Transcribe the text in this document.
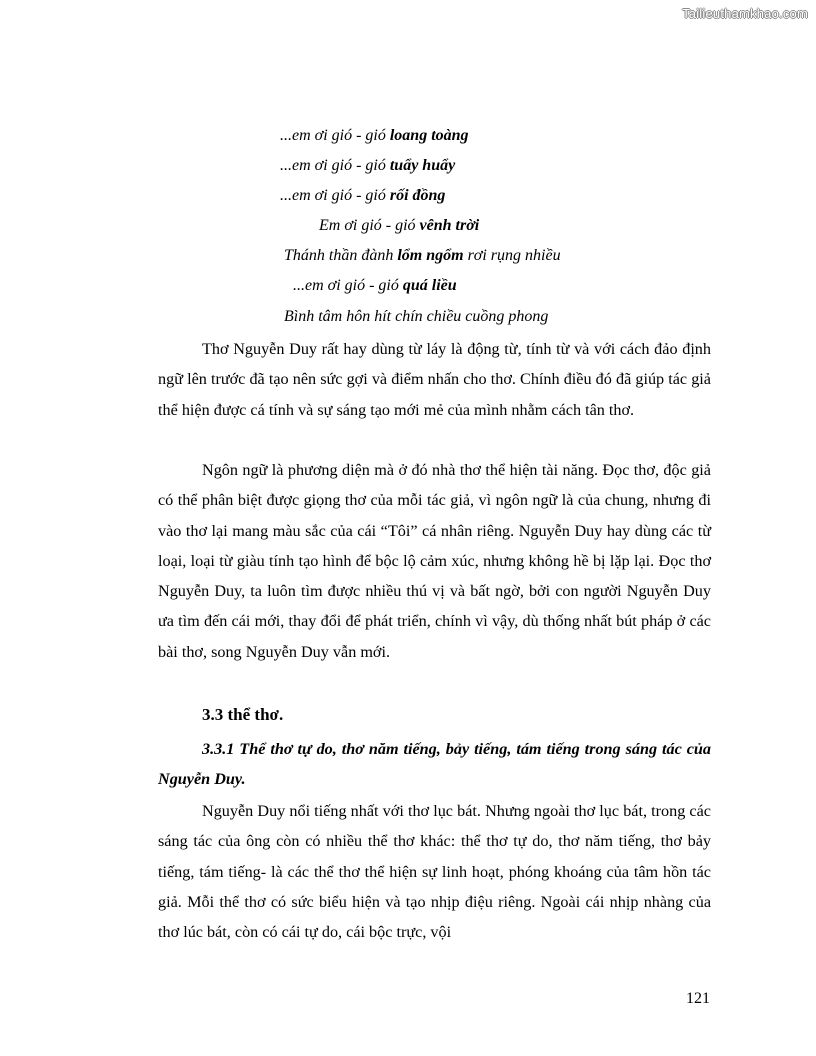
Tailieuthamkhao.com
...em ơi gió - gió loang toàng
...em ơi gió - gió tuẩy huẩy
...em ơi gió - gió rối đồng
Em ơi gió - gió vênh trời
Thánh thần đành lổm ngổm rơi rụng nhiều
...em ơi gió - gió quá liều
Bình tâm hôn hít chín chiều cuồng phong

Thơ Nguyễn Duy rất hay dùng từ láy là động từ, tính từ và với cách đảo định ngữ lên trước đã tạo nên sức gợi và điểm nhấn cho thơ. Chính điều đó đã giúp tác giả thể hiện được cá tính và sự sáng tạo mới mẻ của mình nhằm cách tân thơ.

Ngôn ngữ là phương diện mà ở đó nhà thơ thể hiện tài năng. Đọc thơ, độc giả có thể phân biệt được giọng thơ của mỗi tác giả, vì ngôn ngữ là của chung, nhưng đi vào thơ lại mang màu sắc của cái “Tôi” cá nhân riêng. Nguyễn Duy hay dùng các từ loại, loại từ giàu tính tạo hình để bộc lộ cảm xúc, nhưng không hề bị lặp lại. Đọc thơ Nguyễn Duy, ta luôn tìm được nhiều thú vị và bất ngờ, bởi con người Nguyễn Duy ưa tìm đến cái mới, thay đổi để phát triển, chính vì vậy, dù thống nhất bút pháp ở các bài thơ, song Nguyễn Duy vẫn mới.

3.3 thể thơ.
3.3.1 Thể thơ tự do, thơ năm tiếng, bảy tiếng, tám tiếng trong sáng tác của Nguyễn Duy.

Nguyễn Duy nổi tiếng nhất với thơ lục bát. Nhưng ngoài thơ lục bát, trong các sáng tác của ông còn có nhiều thể thơ khác: thể thơ tự do, thơ năm tiếng, thơ bảy tiếng, tám tiếng- là các thể thơ thể hiện sự linh hoạt, phóng khoáng của tâm hồn tác giả. Mỗi thể thơ có sức biểu hiện và tạo nhịp điệu riêng. Ngoài cái nhịp nhàng của thơ lúc bát, còn có cái tự do, cái bộc trực, vội

121
